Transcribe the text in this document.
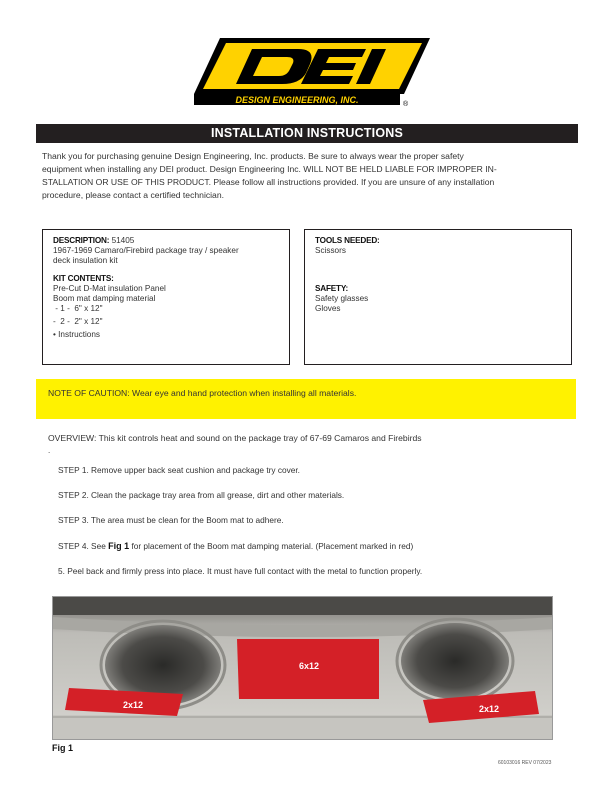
DESIGN ENGINEERING, INC.	®
INSTALLATION INSTRUCTIONS
Thank you for purchasing genuine Design Engineering, Inc. products. Be sure to always wear the proper safety
equipment when installing any DEI product. Design Engineering Inc. WILL NOT BE HELD LIABLE FOR IMPROPER IN-
STALLATION OR USE OF THIS PRODUCT. Please follow all instructions provided. If you are unsure of any installation
procedure, please contact a certified technician.
DESCRIPTION: 51405
1967-1969 Camaro/Firebird package tray / speaker
deck insulation kit
KIT CONTENTS:
Pre-Cut D-Mat insulation Panel
Boom mat damping material
- 1 -  6" x 12"
-  2 -  2" x 12"
• Instructions
TOOLS NEEDED:
Scissors
SAFETY:
Safety glasses
Gloves
NOTE OF CAUTION: Wear eye and hand protection when installing all materials.
OVERVIEW: This kit controls heat and sound on the package tray of 67-69 Camaros and Firebirds
.
STEP 1. Remove upper back seat cushion and package try cover.
STEP 2. Clean the package tray area from all grease, dirt and other materials.
STEP 3. The area must be clean for the Boom mat to adhere.
STEP 4. See Fig 1 for placement of the Boom mat damping material. (Placement marked in red)
5. Peel back and firmly press into place. It must have full contact with the metal to function properly.
6x12
2x12	2x12
Fig 1
60103016 REV 07/2023
